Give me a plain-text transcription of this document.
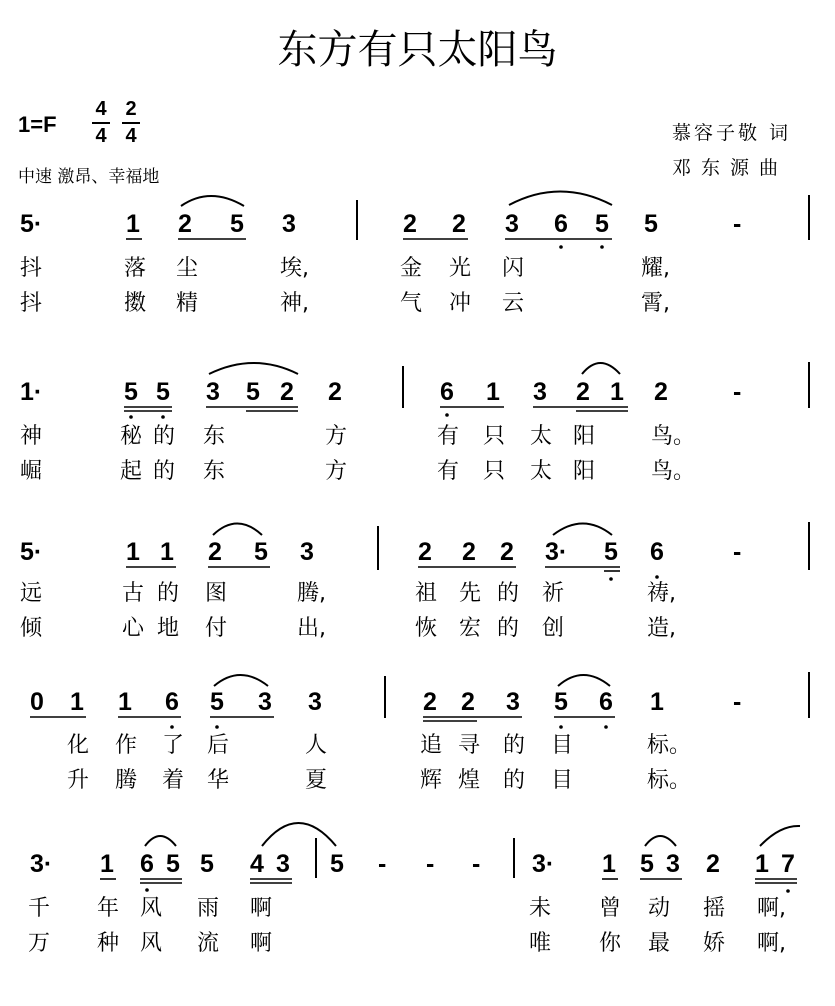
东方有只太阳鸟
1=F
4
4
2
4
中速 激昂、幸福地
慕容子敬 词
邓东源曲
5·	1 2 5 3	2 2 3 6 5 5	-
抖	落 尘	埃,	金 光 闪	耀,
抖	擞 精	神,	气 冲 云	霄,
1·	5 5 3 5 2 2	6 1 3 2 1 2	-
神	秘 的 东	方	有 只 太 阳	鸟。
崛	起 的 东	方	有 只 太 阳	鸟。
5·	1 1 2 5 3	2 2 2 3· 5 6	-
远	古 的 图	腾,	祖 先 的 祈	祷,
倾	心 地 付	出,	恢 宏 的 创	造,
0 1 1 6 5 3 3	2 2 3 5 6 1	-
化 作 了 后	人	追 寻 的 目	标。
升 腾 着 华	夏	辉 煌 的 目	标。
3· 1 6 5 5 4 3 5 - - - 3· 1 5 3 2 1 7
千 年 风 雨 啊	未 曾 动 摇 啊,
万 种 风 流 啊	唯 你 最 娇 啊,
